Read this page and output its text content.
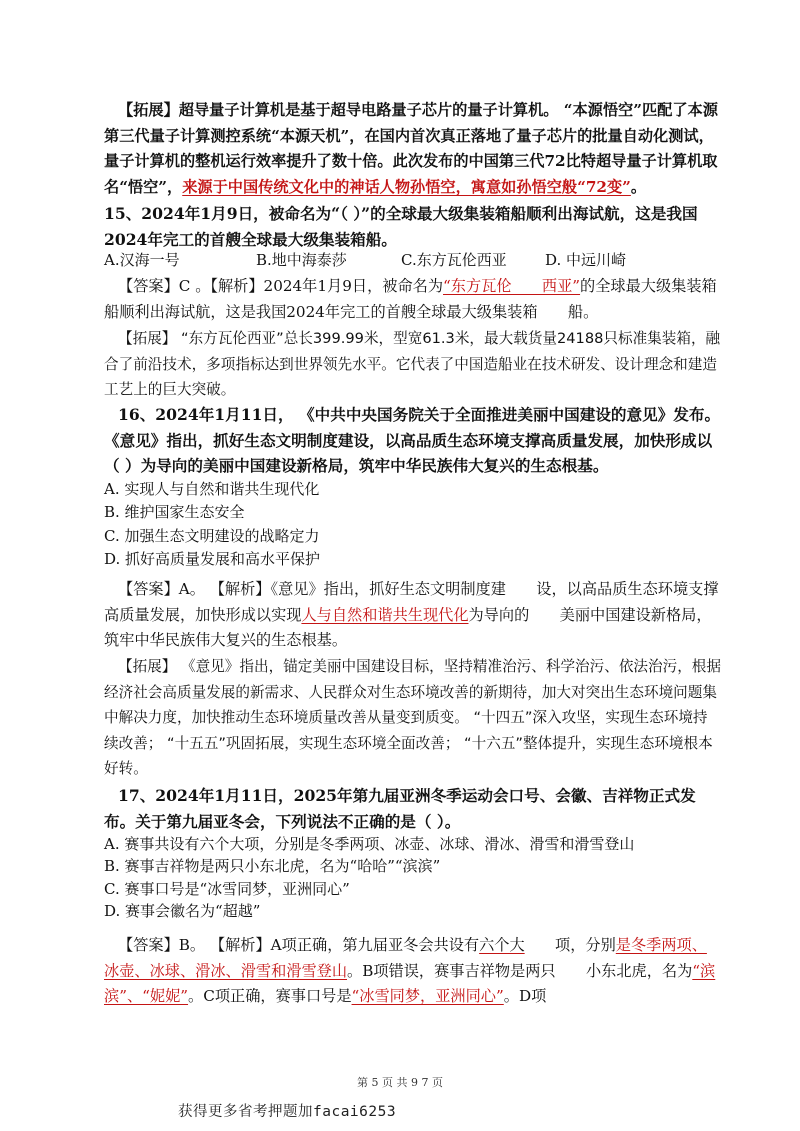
【拓展】超导量子计算机是基于超导电路量子芯片的量子计算机。 “本源悟空”匹配了本源第三代量子计算测控系统“本源天机”，在国内首次真正落地了量子芯片的批量自动化测试，量子计算机的整机运行效率提升了数十倍。此次发布的中国第三代72比特超导量子计算机取名“悟空”，来源于中国传统文化中的神话人物孙悟空，寓意如孙悟空般“72变”。

15、2024年1月9日，被命名为“（ ）”的全球最大级集装箱船顺利出海试航，这是我国2024年完工的首艘全球最大级集装箱船。

A.汉海一号	B.地中海泰莎	C.东方瓦伦西亚	D. 中远川崎

【答案】C 。【解析】2024年1月9日，被命名为“东方瓦伦　　西亚”的全球最大级集装箱船顺利出海试航，这是我国2024年完工的首艘全球最大级集装箱　　船。

【拓展】 “东方瓦伦西亚”总长399.99米，型宽61.3米，最大载货量24188只标准集装箱，融合了前沿技术，多项指标达到世界领先水平。它代表了中国造船业在技术研发、设计理念和建造工艺上的巨大突破。

16、2024年1月11日， 《中共中央国务院关于全面推进美丽中国建设的意见》发布。《意见》指出，抓好生态文明制度建设，以高品质生态环境支撑高质量发展，加快形成以（ ）为导向的美丽中国建设新格局，筑牢中华民族伟大复兴的生态根基。

A. 实现人与自然和谐共生现代化

B. 维护国家生态安全

C. 加强生态文明建设的战略定力

D. 抓好高质量发展和高水平保护

【答案】A。 【解析】《意见》指出，抓好生态文明制度建　　设，以高品质生态环境支撑高质量发展，加快形成以实现人与自然和谐共生现代化为导向的　　美丽中国建设新格局，筑牢中华民族伟大复兴的生态根基。

【拓展】 《意见》指出，锚定美丽中国建设目标，坚持精准治污、科学治污、依法治污，根据经济社会高质量发展的新需求、人民群众对生态环境改善的新期待，加大对突出生态环境问题集中解决力度，加快推动生态环境质量改善从量变到质变。 “十四五”深入攻坚，实现生态环境持续改善； “十五五”巩固拓展，实现生态环境全面改善； “十六五”整体提升，实现生态环境根本好转。

17、2024年1月11日，2025年第九届亚洲冬季运动会口号、会徽、吉祥物正式发布。关于第九届亚冬会，下列说法不正确的是（ ）。

A. 赛事共设有六个大项，分别是冬季两项、冰壶、冰球、滑冰、滑雪和滑雪登山

B. 赛事吉祥物是两只小东北虎，名为“哈哈”“滨滨”

C. 赛事口号是“冰雪同梦，亚洲同心”

D. 赛事会徽名为“超越”

【答案】B。 【解析】A项正确，第九届亚冬会共设有六个大　　项，分别是冬季两项、冰壶、冰球、滑冰、滑雪和滑雪登山。B项错误，赛事吉祥物是两只　　小东北虎，名为“滨滨”、“妮妮”。C项正确，赛事口号是“冰雪同梦，亚洲同心”。D项

第 5 页 共 9 7 页
获得更多省考押题加facai6253
